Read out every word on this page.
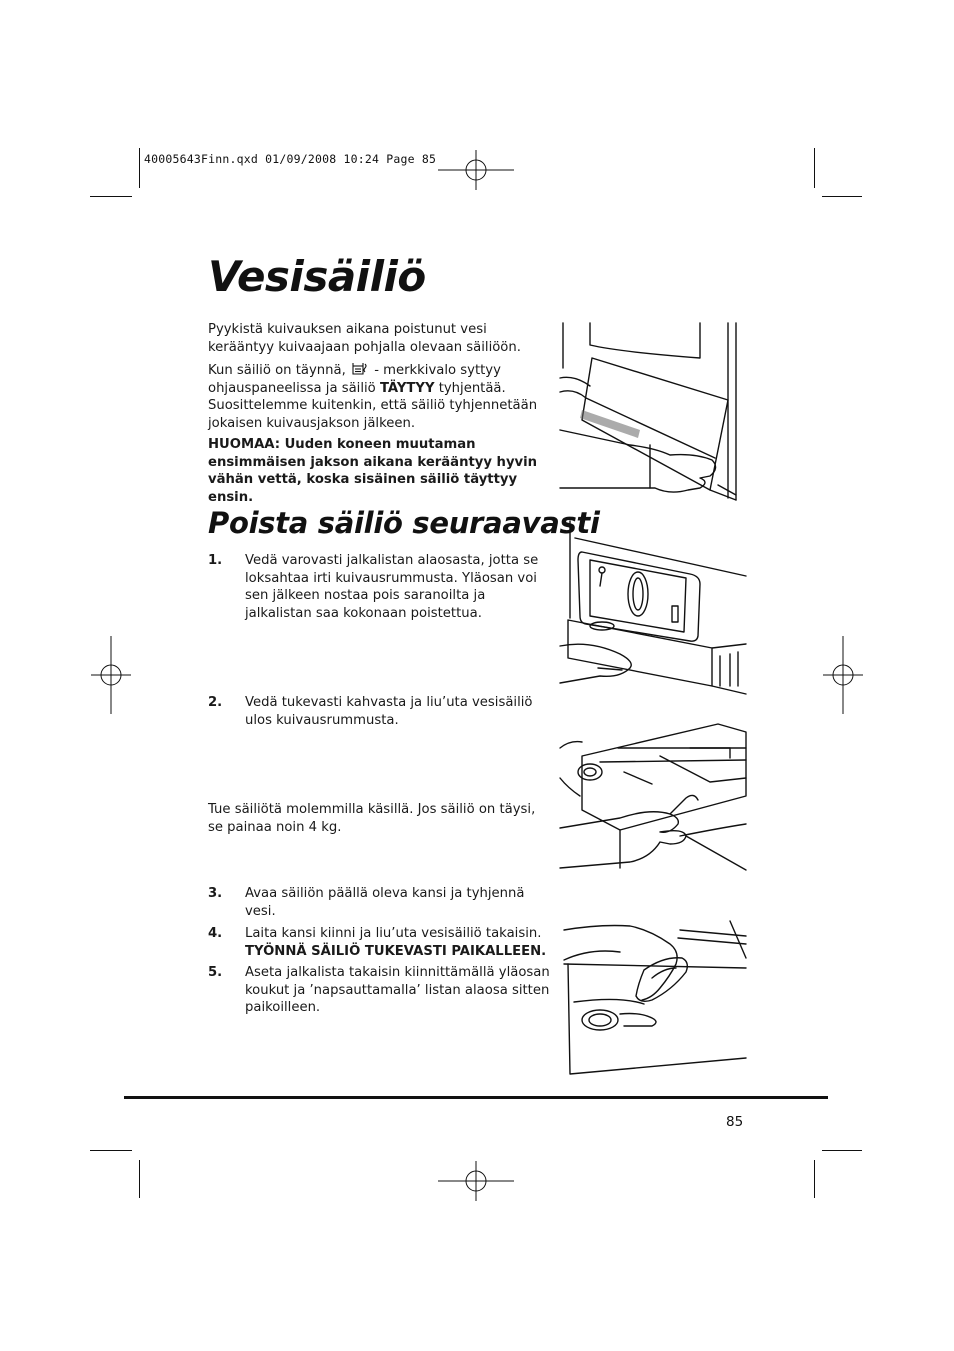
40005643Finn.qxd 01/09/2008 10:24 Page 85
Vesisäiliö
Pyykistä kuivauksen aikana poistunut vesi kerääntyy kuivaajaan pohjalla olevaan säiliöön.
Kun säiliö on täynnä, - merkkivalo syttyy ohjauspaneelissa ja säiliö TÄYTYY tyhjentää. Suosittelemme kuitenkin, että säiliö tyhjennetään jokaisen kuivausjakson jälkeen.
HUOMAA: Uuden koneen muutaman ensimmäisen jakson aikana kerääntyy hyvin vähän vettä, koska sisäinen säiliö täyttyy ensin.
Poista säiliö seuraavasti
1. Vedä varovasti jalkalistan alaosasta, jotta se loksahtaa irti kuivausrummusta. Yläosan voi sen jälkeen nostaa pois saranoilta ja jalkalistan saa kokonaan poistettua.
2. Vedä tukevasti kahvasta ja liu’uta vesisäiliö ulos kuivausrummusta.
Tue säiliötä molemmilla käsillä. Jos säiliö on täysi, se painaa noin 4 kg.
3. Avaa säiliön päällä oleva kansi ja tyhjennä vesi.
4. Laita kansi kiinni ja liu’uta vesisäiliö takaisin.
TYÖNNÄ SÄILIÖ TUKEVASTI PAIKALLEEN.
5. Aseta jalkalista takaisin kiinnittämällä yläosan koukut ja ’napsauttamalla’ listan alaosa sitten paikoilleen.
85
